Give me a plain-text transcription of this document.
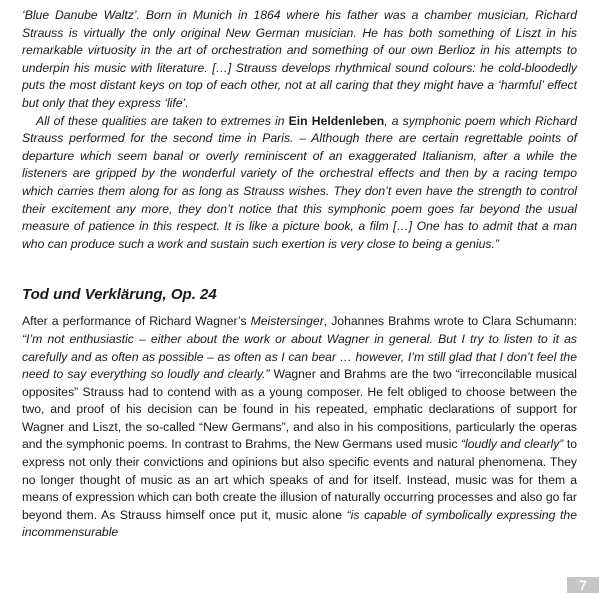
‘Blue Danube Waltz’. Born in Munich in 1864 where his father was a chamber musician, Richard Strauss is virtually the only original New German musician. He has both something of Liszt in his remarkable virtuosity in the art of orchestration and something of our own Berlioz in his attempts to underpin his music with literature. […] Strauss develops rhythmical sound colours: he cold-bloodedly puts the most distant keys on top of each other, not at all caring that they might have a ‘harmful’ effect but only that they express ‘life’.

All of these qualities are taken to extremes in Ein Heldenleben, a symphonic poem which Richard Strauss performed for the second time in Paris. – Although there are certain regrettable points of departure which seem banal or overly reminiscent of an exaggerated Italianism, after a while the listeners are gripped by the wonderful variety of the orchestral effects and then by a racing tempo which carries them along for as long as Strauss wishes. They don’t even have the strength to control their excitement any more, they don’t notice that this symphonic poem goes far beyond the usual measure of patience in this respect. It is like a picture book, a film […] One has to admit that a man who can produce such a work and sustain such exertion is very close to being a genius.”

Tod und Verklärung, Op. 24

After a performance of Richard Wagner’s Meistersinger, Johannes Brahms wrote to Clara Schumann: “I’m not enthusiastic – either about the work or about Wagner in general. But I try to listen to it as carefully and as often as possible – as often as I can bear … however, I’m still glad that I don’t feel the need to say everything so loudly and clearly.” Wagner and Brahms are the two “irreconcilable musical opposites” Strauss had to contend with as a young composer. He felt obliged to choose between the two, and proof of his decision can be found in his repeated, emphatic declarations of support for Wagner and Liszt, the so-called “New Germans”, and also in his compositions, particularly the operas and the symphonic poems. In contrast to Brahms, the New Germans used music “loudly and clearly” to express not only their convictions and opinions but also specific events and natural phenomena. They no longer thought of music as an art which speaks of and for itself. Instead, music was for them a means of expression which can both create the illusion of naturally occurring processes and also go far beyond them. As Strauss himself once put it, music alone “is capable of symbolically expressing the incommensurable

7
